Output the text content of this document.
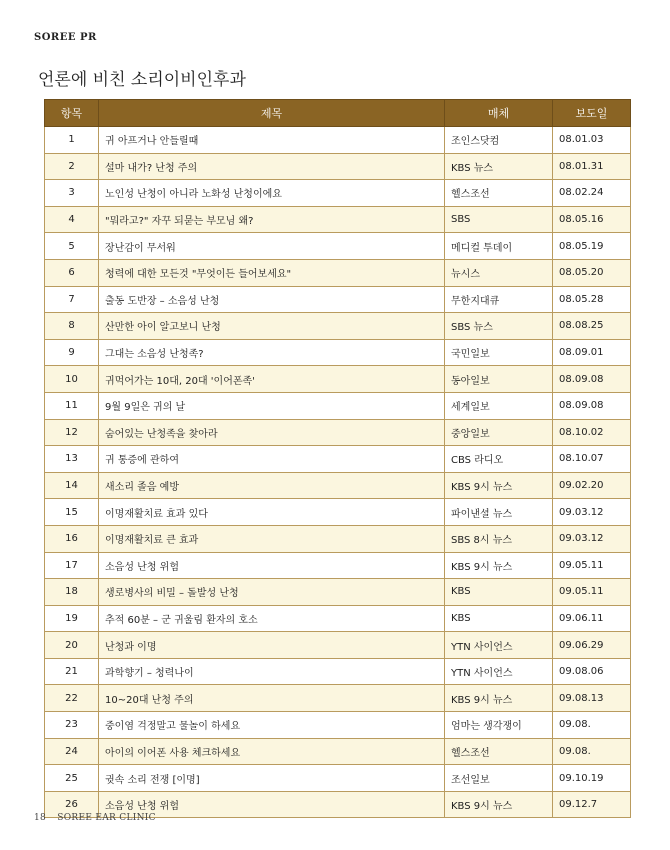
SOREE PR
언론에 비친 소리이비인후과
항목	제목	매체	보도일
1	귀 아프거나 안들릴때	조인스닷컴	08.01.03
2	설마 내가? 난청 주의	KBS 뉴스	08.01.31
3	노인성 난청이 아니라 노화성 난청이에요	헬스조선	08.02.24
4	"뭐라고?" 자꾸 되묻는 부모님 왜?	SBS	08.05.16
5	장난감이 무서워	메디컬 투데이	08.05.19
6	청력에 대한 모든것 "무엇이든 들어보세요"	뉴시스	08.05.20
7	출동 도반장 – 소음성 난청	무한지대큐	08.05.28
8	산만한 아이 알고보니 난청	SBS 뉴스	08.08.25
9	그대는 소음성 난청족?	국민일보	08.09.01
10	귀먹어가는 10대, 20대 '이어폰족'	동아일보	08.09.08
11	9월 9일은 귀의 날	세계일보	08.09.08
12	숨어있는 난청족을 찾아라	중앙일보	08.10.02
13	귀 통증에 관하여	CBS 라디오	08.10.07
14	새소리 졸음 예방	KBS 9시 뉴스	09.02.20
15	이명재활치료 효과 있다	파이낸셜 뉴스	09.03.12
16	이명재활치료 큰 효과	SBS 8시 뉴스	09.03.12
17	소음성 난청 위험	KBS 9시 뉴스	09.05.11
18	생로병사의 비밀 – 돌발성 난청	KBS	09.05.11
19	추적 60분 – 군 귀울림 환자의 호소	KBS	09.06.11
20	난청과 이명	YTN 사이언스	09.06.29
21	과학향기 – 청력나이	YTN 사이언스	09.08.06
22	10~20대 난청 주의	KBS 9시 뉴스	09.08.13
23	중이염 걱정말고 물놀이 하세요	엄마는 생각쟁이	09.08.
24	아이의 이어폰 사용 체크하세요	헬스조선	09.08.
25	귓속 소리 전쟁 [이명]	조선일보	09.10.19
26	소음성 난청 위험	KBS 9시 뉴스	09.12.7
18 SOREE EAR CLINIC
